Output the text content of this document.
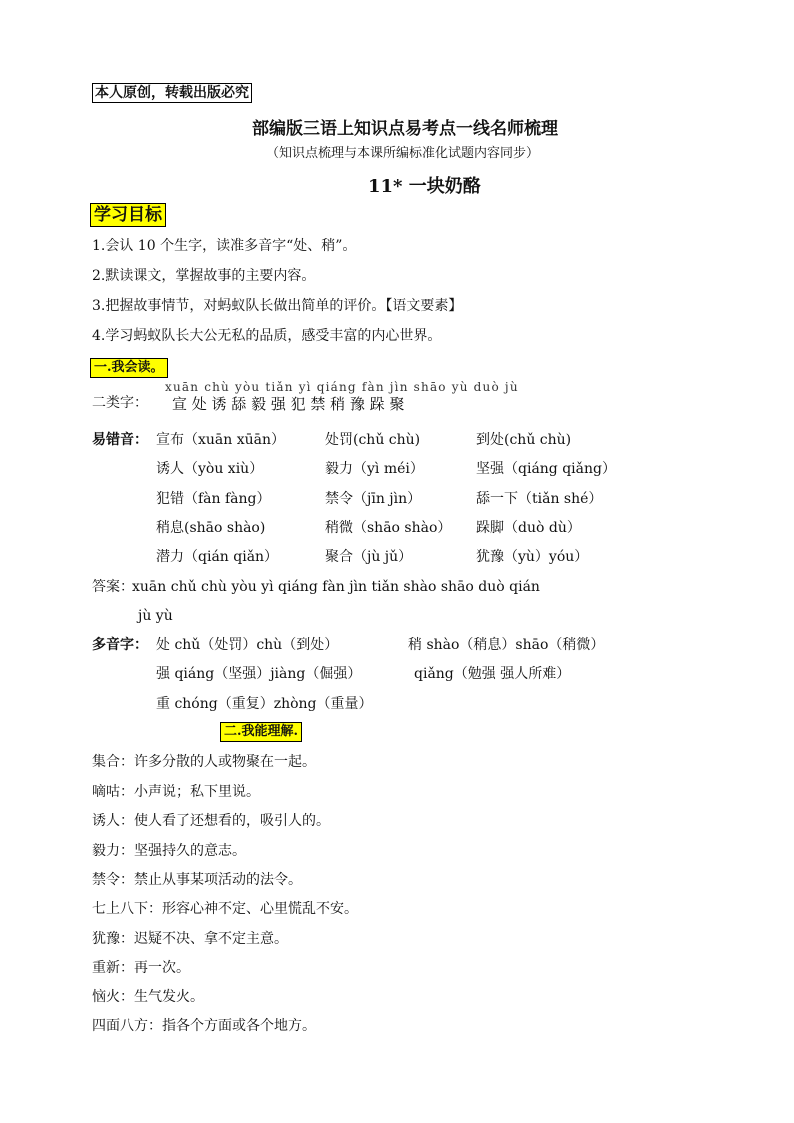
本人原创，转载出版必究
部编版三语上知识点易考点一线名师梳理
（知识点梳理与本课所编标准化试题内容同步）
11* 一块奶酪
学习目标
1.会认 10 个生字，读准多音字“处、稍”。
2.默读课文，掌握故事的主要内容。
3.把握故事情节，对蚂蚁队长做出简单的评价。【语文要素】
4.学习蚂蚁队长大公无私的品质，感受丰富的内心世界。
一.我会读。
xuān chù yòu tiǎn yì qiáng fàn jìn shāo yù duò jù
二类字： 宣 处 诱 舔 毅 强 犯 禁 稍 豫 跺 聚
易错音： 宣布（xuān xūān）	处罚(chǔ chù)	到处(chǔ chù)
诱人（yòu xiù）	毅力（yì méi）	坚强（qiáng qiǎng）
犯错（fàn fàng）	禁令（jīn jìn）	舔一下（tiǎn shé）
稍息(shāo shào)	稍微（shāo shào） 跺脚（duò dù）
潜力（qián qiǎn）	聚合（jù jǔ）	犹豫（yù）yóu）
答案：
xuān chǔ chù yòu yì qiáng fàn jìn tiǎn shào shāo duò qián
jù yù
多音字： 处 chǔ（处罚）chù（到处）	稍 shào（稍息）shāo（稍微）
强 qiáng（坚强）jiàng（倔强）	qiǎng（勉强 强人所难）
重 chóng（重复）zhòng（重量）
二.我能理解.
集合：许多分散的人或物聚在一起。
嘀咕：小声说；私下里说。
诱人：使人看了还想看的，吸引人的。
毅力：坚强持久的意志。
禁令：禁止从事某项活动的法令。
七上八下：形容心神不定、心里慌乱不安。
犹豫：迟疑不决、拿不定主意。
重新：再一次。
恼火：生气发火。
四面八方：指各个方面或各个地方。
